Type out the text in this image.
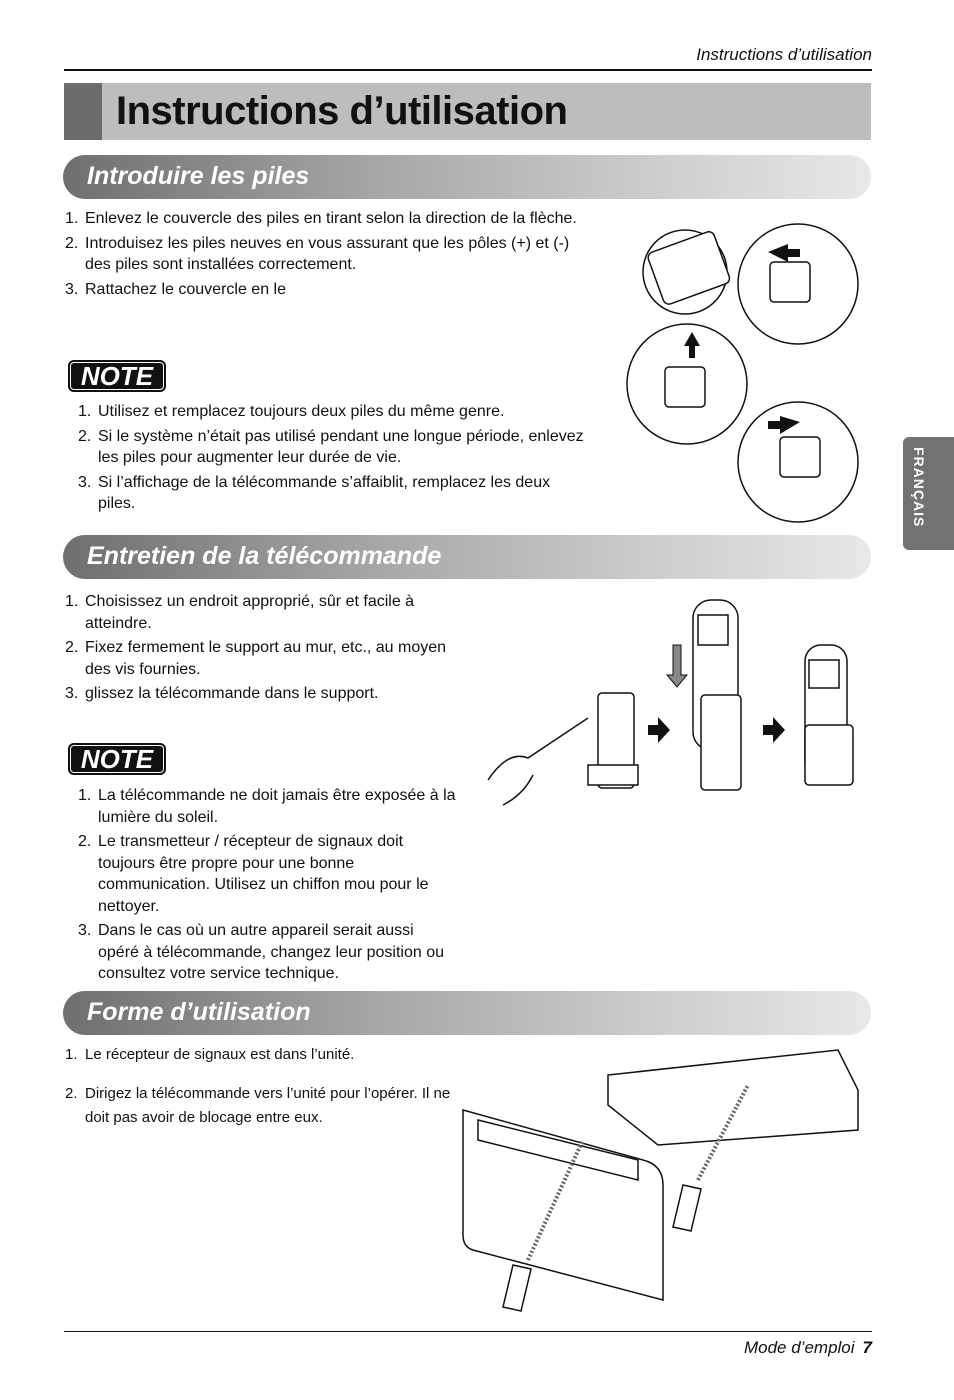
Instructions d’utilisation
Instructions d’utilisation
Introduire les piles
1. Enlevez le couvercle des piles en tirant selon la direction de la flèche.
2. Introduisez les piles neuves en vous assurant que les pôles (+) et (-) des piles sont installées correctement.
3. Rattachez le couvercle en le
NOTE
1. Utilisez et remplacez toujours deux piles du même genre.
2. Si le système n’était pas utilisé pendant une longue période, enlevez les piles pour augmenter leur durée de vie.
3. Si l’affichage de la télécommande s’affaiblit, remplacez les deux piles.
Entretien de la télécommande
1. Choisissez un endroit approprié, sûr et facile à atteindre.
2. Fixez fermement le support au mur, etc., au moyen des vis fournies.
3. glissez la télécommande dans le support.
NOTE
1. La télécommande ne doit jamais être exposée à la lumière du soleil.
2. Le transmetteur / récepteur de signaux doit toujours être propre pour une bonne communication. Utilisez un chiffon mou pour le nettoyer.
3. Dans le cas où un autre appareil serait aussi opéré à télécommande, changez leur position ou consultez votre service technique.
Forme d’utilisation
1. Le récepteur de signaux est dans l’unité.
2. Dirigez la télécommande vers l’unité pour l’opérer. Il ne doit pas avoir de blocage entre eux.
FRANÇAIS
Mode d’emploi 7
